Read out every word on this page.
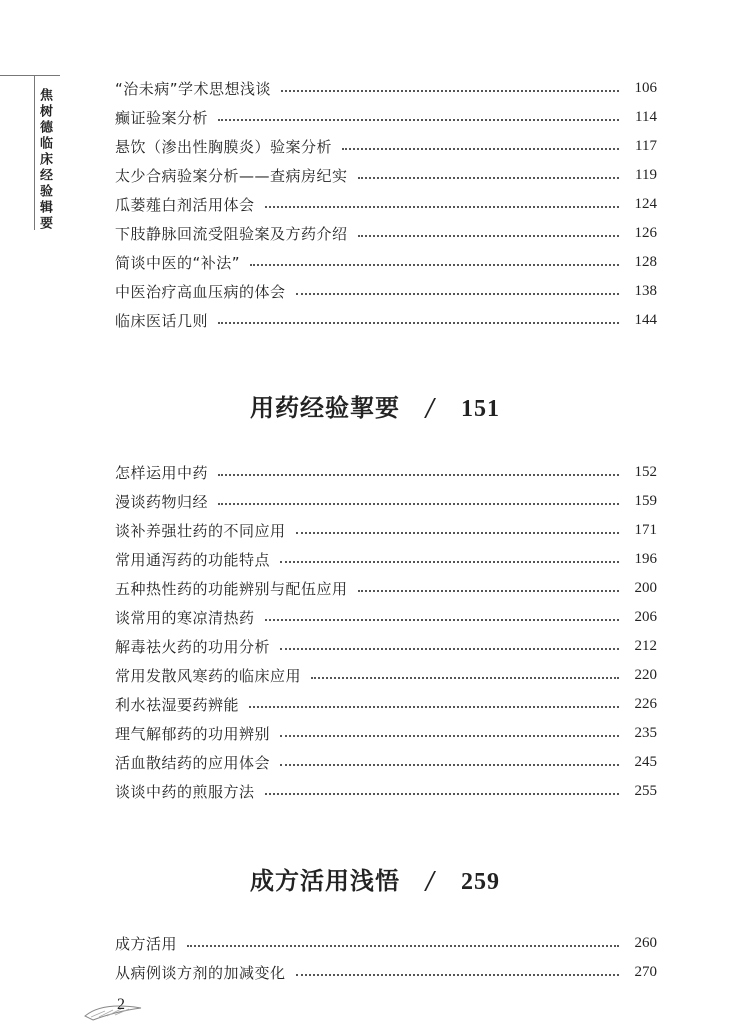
焦树德临床经验辑要	“治未病”学术思想浅谈	106
癫证验案分析	114
悬饮（渗出性胸膜炎）验案分析	117
太少合病验案分析——查病房纪实	119
瓜蒌薤白剂活用体会	124
下肢静脉回流受阻验案及方药介绍	126
简谈中医的“补法”	128
中医治疗高血压病的体会	138
临床医话几则	144
用药经验挈要 / 151
怎样运用中药	152
漫谈药物归经	159
谈补养强壮药的不同应用	171
常用通泻药的功能特点	196
五种热性药的功能辨别与配伍应用	200
谈常用的寒凉清热药	206
解毒祛火药的功用分析	212
常用发散风寒药的临床应用	220
利水祛湿要药辨能	226
理气解郁药的功用辨别	235
活血散结药的应用体会	245
谈谈中药的煎服方法	255
成方活用浅悟 / 259
成方活用	260
从病例谈方剂的加减变化	270
2
